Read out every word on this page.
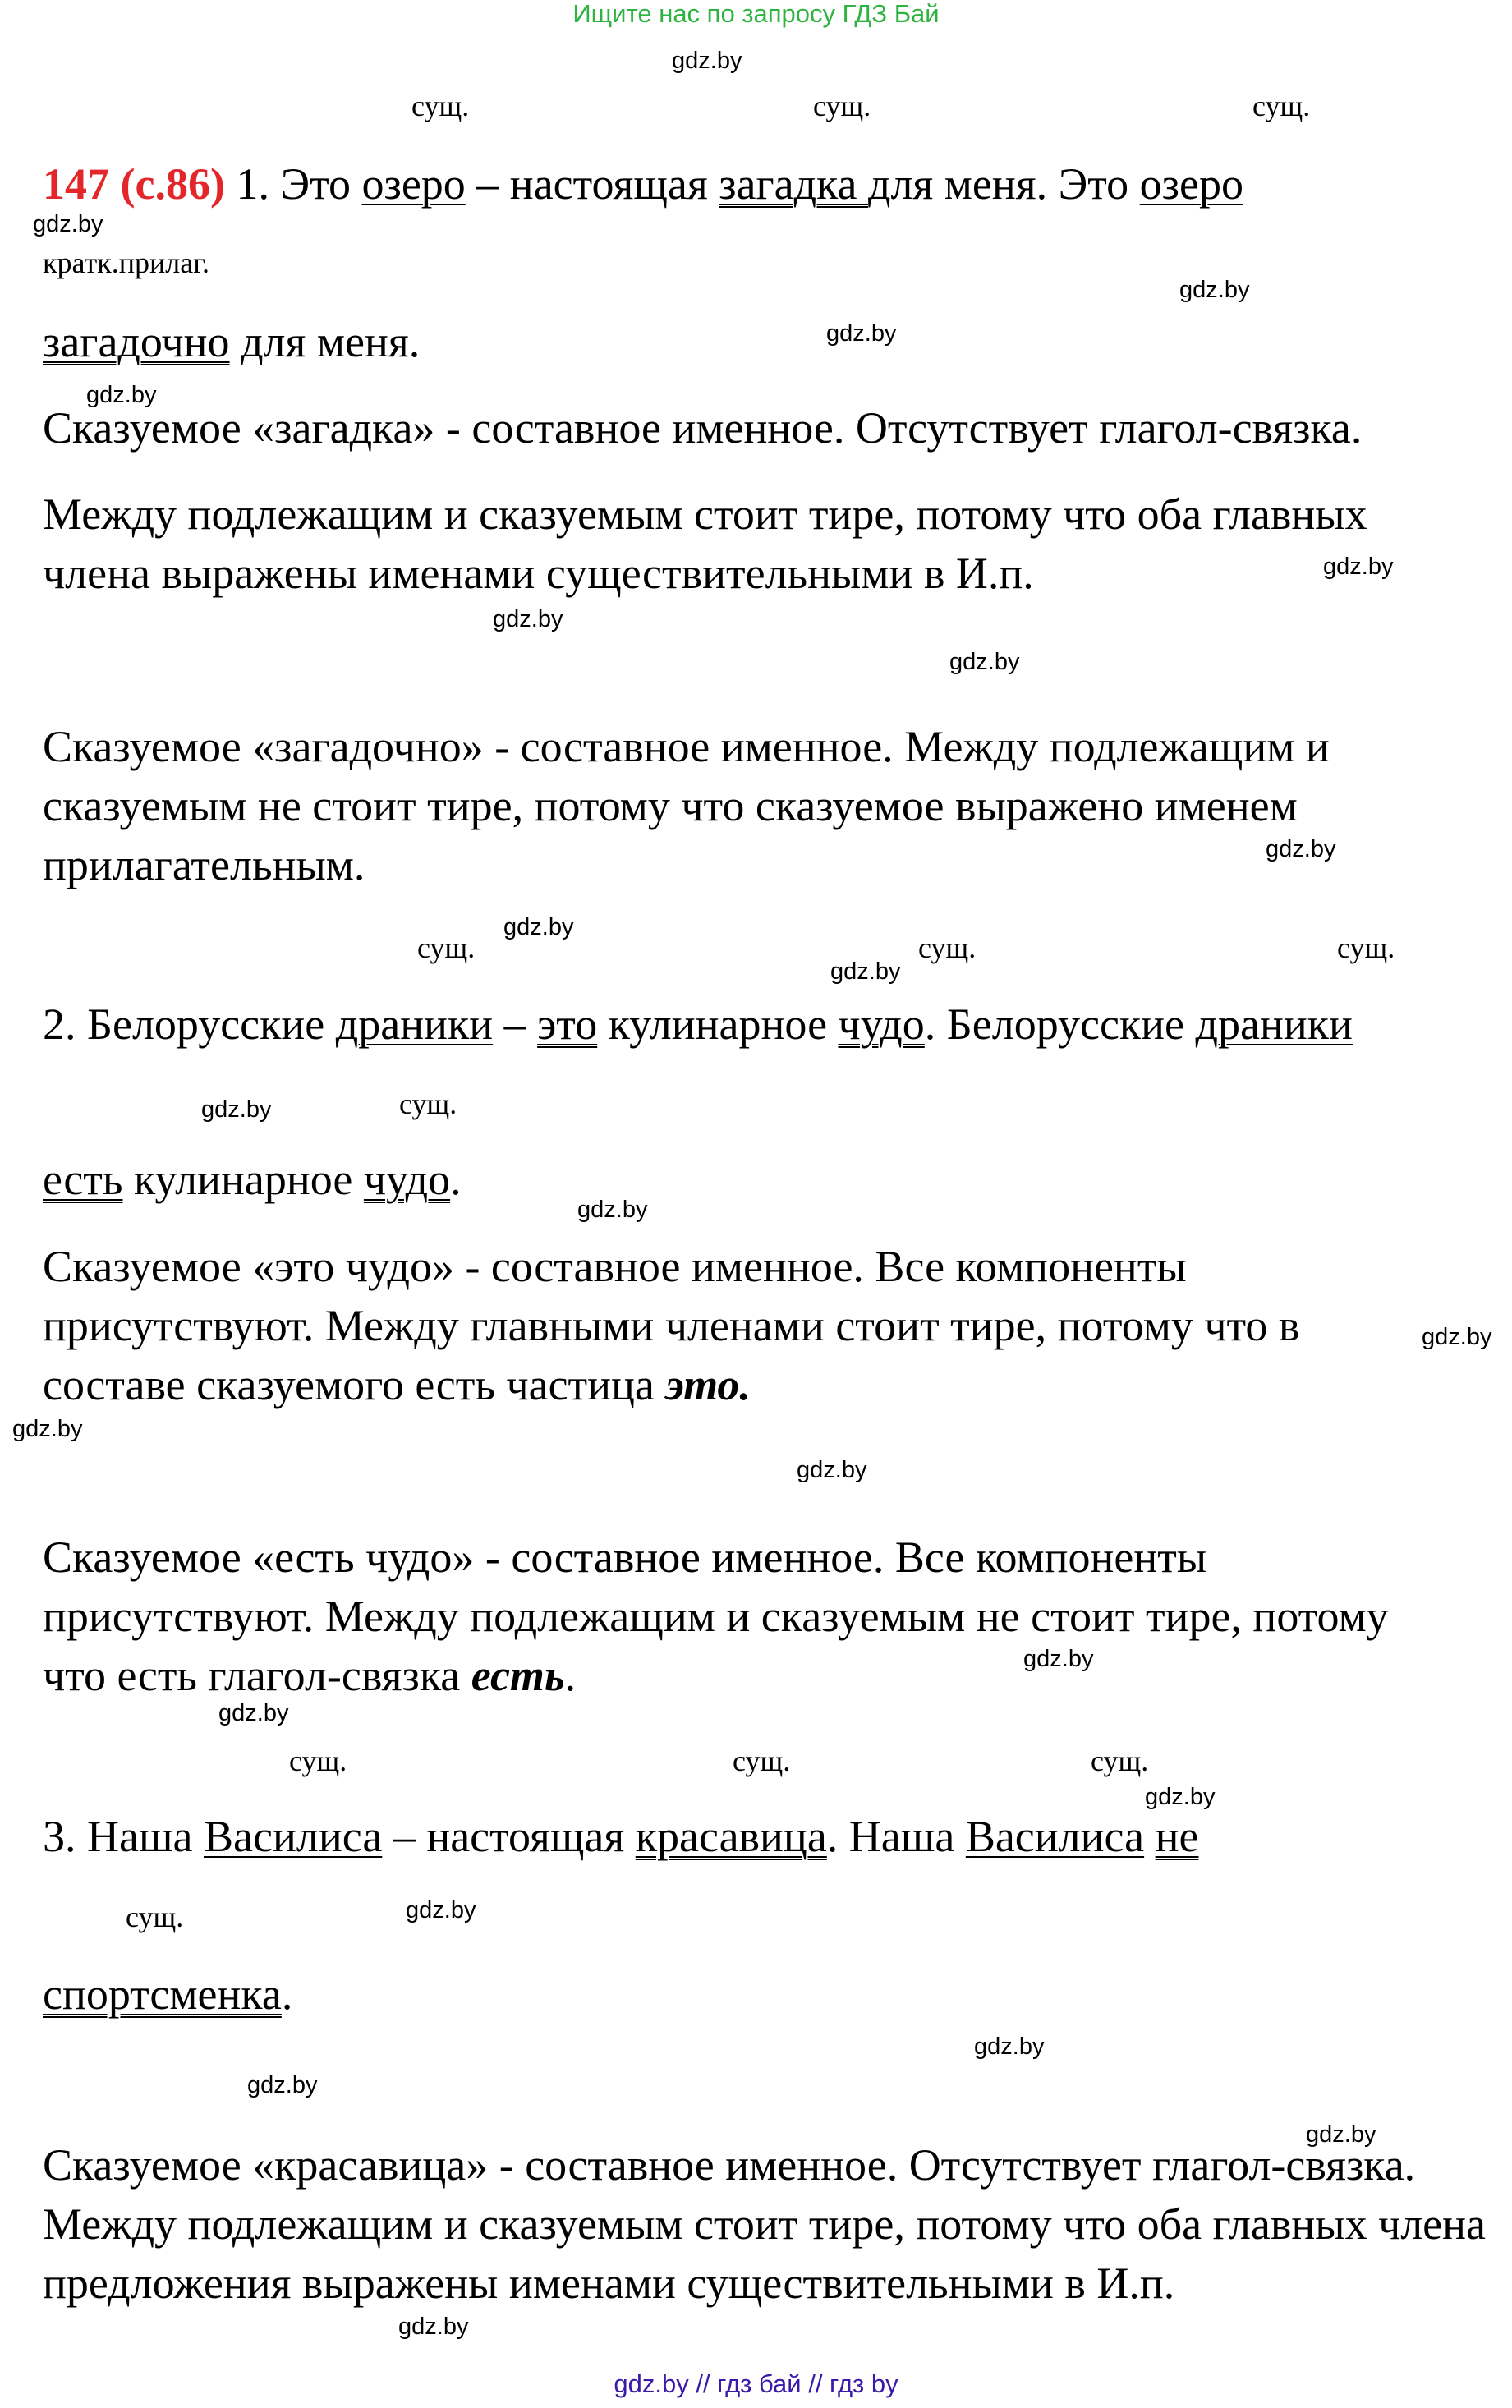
Ищите нас по запросу ГДЗ Бай
gdz.by
gdz.by
gdz.by
gdz.by
gdz.by
gdz.by
gdz.by
gdz.by
gdz.by
gdz.by
gdz.by
gdz.by
gdz.by
gdz.by
gdz.by
gdz.by
gdz.by
gdz.by
gdz.by
gdz.by
gdz.by
gdz.by
gdz.by
gdz.by
сущ.	сущ.	сущ.
кратк.прилаг.
сущ.	сущ.	сущ.
сущ.
сущ.	сущ.	сущ.
сущ.
147 (с.86) 1. Это озеро – настоящая загадка для меня. Это озеро
загадочно для меня.

Сказуемое «загадка» - составное именное. Отсутствует глагол-связка.

Между подлежащим и сказуемым стоит тире, потому что оба главных члена выражены именами существительными в И.п.

Сказуемое «загадочно» - составное именное. Между подлежащим и сказуемым не стоит тире, потому что сказуемое выражено именем прилагательным.

2. Белорусские драники – это кулинарное чудо. Белорусские драники
есть кулинарное чудо.

Сказуемое «это чудо» - составное именное. Все компоненты присутствуют. Между главными членами стоит тире, потому что в составе сказуемого есть частица это.

Сказуемое «есть чудо» - составное именное. Все компоненты присутствуют. Между подлежащим и сказуемым не стоит тире, потому что есть глагол-связка есть.

3. Наша Василиса – настоящая красавица. Наша Василиса не
спортсменка.

Сказуемое «красавица» - составное именное. Отсутствует глагол-связка. Между подлежащим и сказуемым стоит тире, потому что оба главных члена предложения выражены именами существительными в И.п.

gdz.by // гдз бай // гдз by
